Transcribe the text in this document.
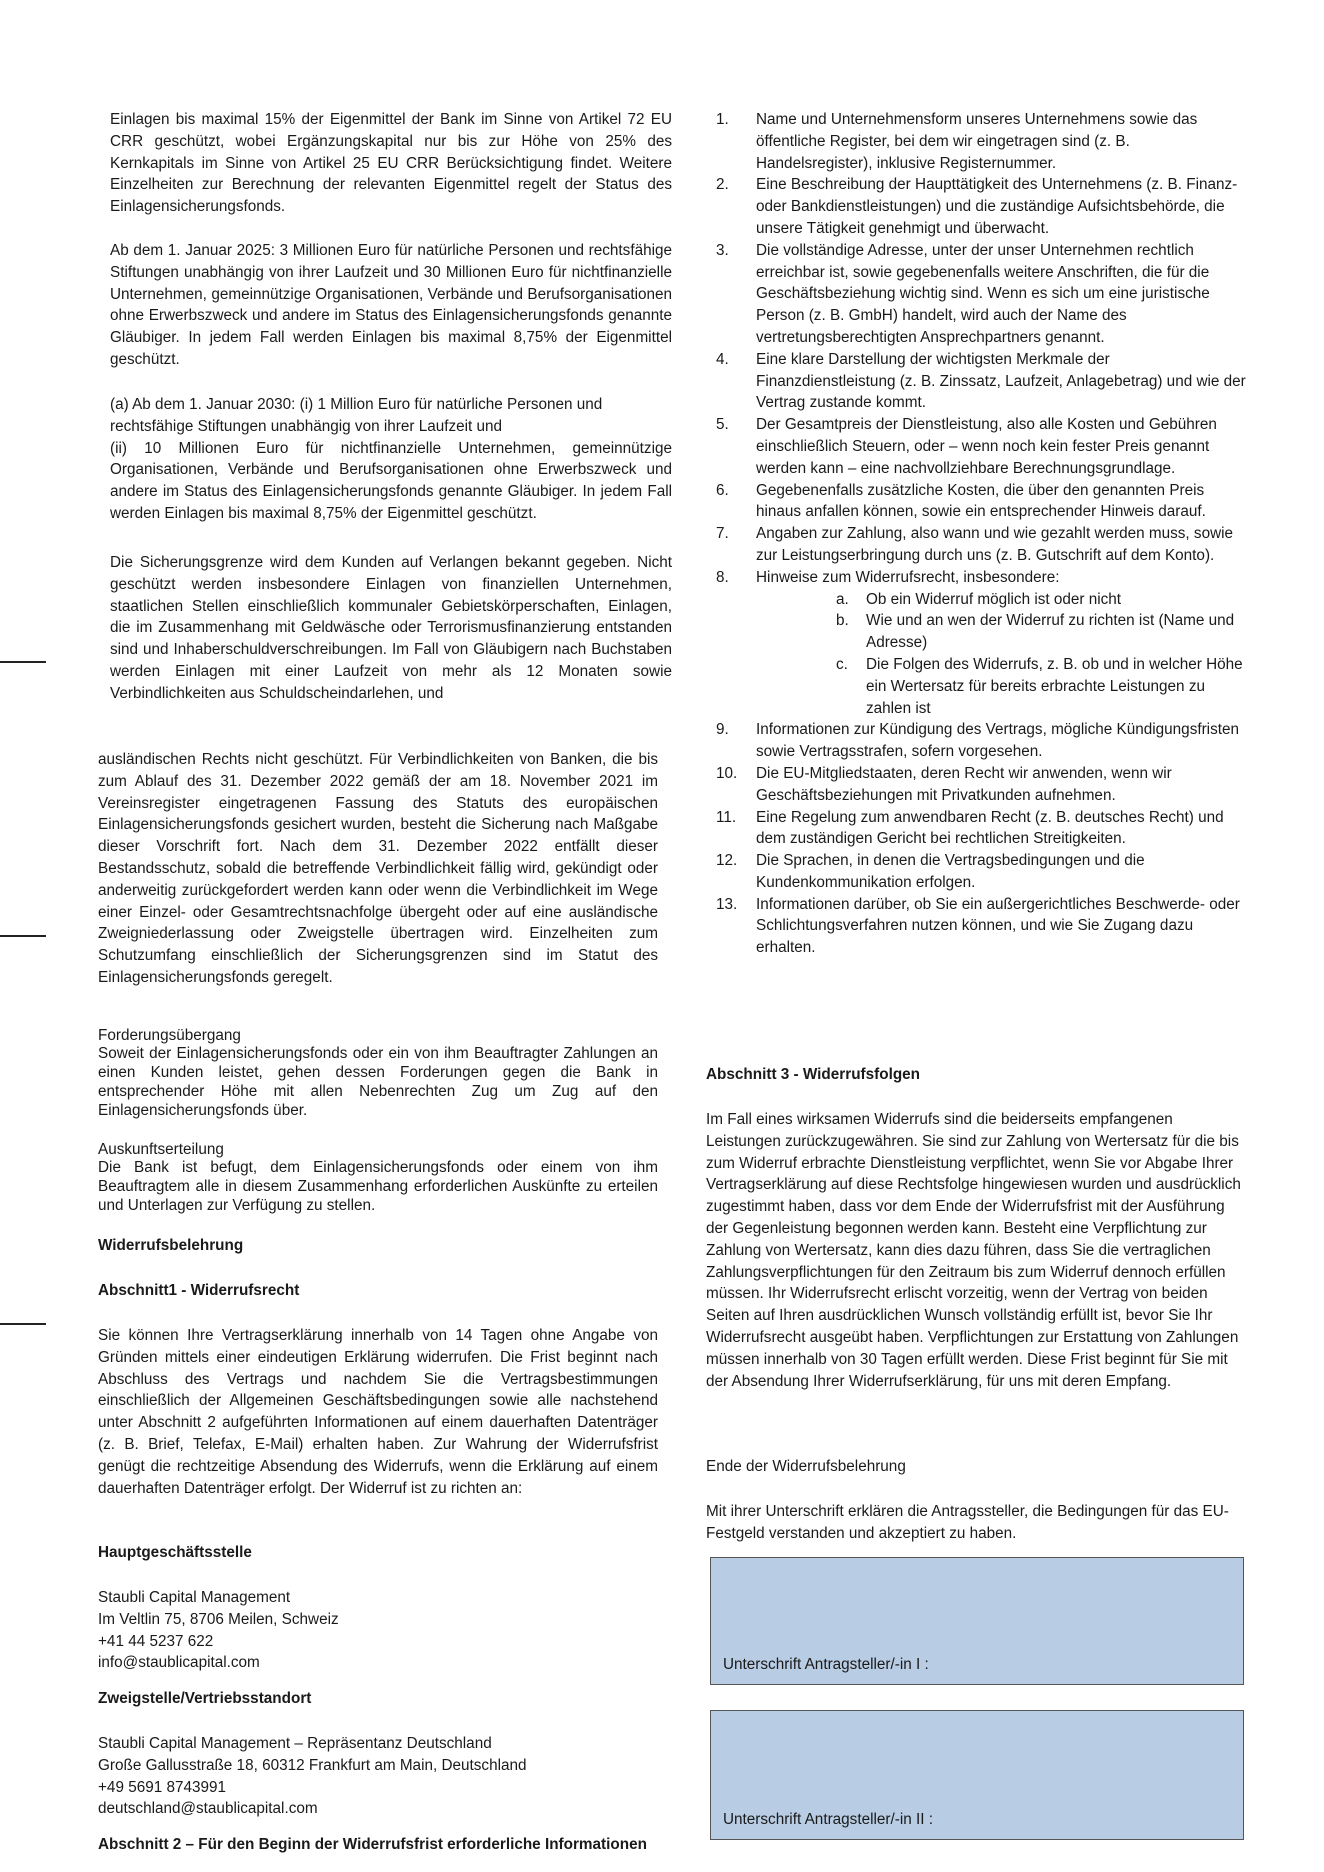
Einlagen bis maximal 15% der Eigenmittel der Bank im Sinne von Artikel 72 EU CRR geschützt, wobei Ergänzungskapital nur bis zur Höhe von 25% des Kernkapitals im Sinne von Artikel 25 EU CRR Berücksichtigung findet. Weitere Einzelheiten zur Berechnung der relevanten Eigenmittel regelt der Status des Einlagensicherungsfonds.

Ab dem 1. Januar 2025: 3 Millionen Euro für natürliche Personen und rechtsfähige Stiftungen unabhängig von ihrer Laufzeit und 30 Millionen Euro für nichtfinanzielle Unternehmen, gemeinnützige Organisationen, Verbände und Berufsorganisationen ohne Erwerbszweck und andere im Status des Einlagensicherungsfonds genannte Gläubiger. In jedem Fall werden Einlagen bis maximal 8,75% der Eigenmittel geschützt.

(a) Ab dem 1. Januar 2030: (i) 1 Million Euro für natürliche Personen und rechtsfähige Stiftungen unabhängig von ihrer Laufzeit und

(ii) 10 Millionen Euro für nichtfinanzielle Unternehmen, gemeinnützige Organisationen, Verbände und Berufsorganisationen ohne Erwerbszweck und andere im Status des Einlagensicherungsfonds genannte Gläubiger. In jedem Fall werden Einlagen bis maximal 8,75% der Eigenmittel geschützt.

Die Sicherungsgrenze wird dem Kunden auf Verlangen bekannt gegeben. Nicht geschützt werden insbesondere Einlagen von finanziellen Unternehmen, staatlichen Stellen einschließlich kommunaler Gebietskörperschaften, Einlagen, die im Zusammenhang mit Geldwäsche oder Terrorismusfinanzierung entstanden sind und Inhaberschuldverschreibungen. Im Fall von Gläubigern nach Buchstaben werden Einlagen mit einer Laufzeit von mehr als 12 Monaten sowie Verbindlichkeiten aus Schuldscheindarlehen, und

ausländischen Rechts nicht geschützt. Für Verbindlichkeiten von Banken, die bis zum Ablauf des 31. Dezember 2022 gemäß der am 18. November 2021 im Vereinsregister eingetragenen Fassung des Statuts des europäischen Einlagensicherungsfonds gesichert wurden, besteht die Sicherung nach Maßgabe dieser Vorschrift fort. Nach dem 31. Dezember 2022 entfällt dieser Bestandsschutz, sobald die betreffende Verbindlichkeit fällig wird, gekündigt oder anderweitig zurückgefordert werden kann oder wenn die Verbindlichkeit im Wege einer Einzel- oder Gesamtrechtsnachfolge übergeht oder auf eine ausländische Zweigniederlassung oder Zweigstelle übertragen wird. Einzelheiten zum Schutzumfang einschließlich der Sicherungsgrenzen sind im Statut des Einlagensicherungsfonds geregelt.

Forderungsübergang

Soweit der Einlagensicherungsfonds oder ein von ihm Beauftragter Zahlungen an einen Kunden leistet, gehen dessen Forderungen gegen die Bank in entsprechender Höhe mit allen Nebenrechten Zug um Zug auf den Einlagensicherungsfonds über.

Auskunftserteilung

Die Bank ist befugt, dem Einlagensicherungsfonds oder einem von ihm Beauftragtem alle in diesem Zusammenhang erforderlichen Auskünfte zu erteilen und Unterlagen zur Verfügung zu stellen.

Widerrufsbelehrung

Abschnitt1 - Widerrufsrecht

Sie können Ihre Vertragserklärung innerhalb von 14 Tagen ohne Angabe von Gründen mittels einer eindeutigen Erklärung widerrufen. Die Frist beginnt nach Abschluss des Vertrags und nachdem Sie die Vertragsbestimmungen einschließlich der Allgemeinen Geschäftsbedingungen sowie alle nachstehend unter Abschnitt 2 aufgeführten Informationen auf einem dauerhaften Datenträger (z. B. Brief, Telefax, E-Mail) erhalten haben. Zur Wahrung der Widerrufsfrist genügt die rechtzeitige Absendung des Widerrufs, wenn die Erklärung auf einem dauerhaften Datenträger erfolgt. Der Widerruf ist zu richten an:

Hauptgeschäftsstelle

Staubli Capital Management
Im Veltlin 75, 8706 Meilen, Schweiz
+41 44 5237 622
info@staublicapital.com

Zweigstelle/Vertriebsstandort

Staubli Capital Management – Repräsentanz Deutschland
Große Gallusstraße 18, 60312 Frankfurt am Main, Deutschland
+49 5691 8743991
deutschland@staublicapital.com

Abschnitt 2 – Für den Beginn der Widerrufsfrist erforderliche Informationen

1. Name und Unternehmensform unseres Unternehmens sowie das öffentliche Register, bei dem wir eingetragen sind (z. B. Handelsregister), inklusive Registernummer.
2. Eine Beschreibung der Haupttätigkeit des Unternehmens (z. B. Finanz- oder Bankdienstleistungen) und die zuständige Aufsichtsbehörde, die unsere Tätigkeit genehmigt und überwacht.
3. Die vollständige Adresse, unter der unser Unternehmen rechtlich erreichbar ist, sowie gegebenenfalls weitere Anschriften, die für die Geschäftsbeziehung wichtig sind. Wenn es sich um eine juristische Person (z. B. GmbH) handelt, wird auch der Name des vertretungsberechtigten Ansprechpartners genannt.
4. Eine klare Darstellung der wichtigsten Merkmale der Finanzdienstleistung (z. B. Zinssatz, Laufzeit, Anlagebetrag) und wie der Vertrag zustande kommt.
5. Der Gesamtpreis der Dienstleistung, also alle Kosten und Gebühren einschließlich Steuern, oder – wenn noch kein fester Preis genannt werden kann – eine nachvollziehbare Berechnungsgrundlage.
6. Gegebenenfalls zusätzliche Kosten, die über den genannten Preis hinaus anfallen können, sowie ein entsprechender Hinweis darauf.
7. Angaben zur Zahlung, also wann und wie gezahlt werden muss, sowie zur Leistungserbringung durch uns (z. B. Gutschrift auf dem Konto).
8. Hinweise zum Widerrufsrecht, insbesondere:
a. Ob ein Widerruf möglich ist oder nicht
b. Wie und an wen der Widerruf zu richten ist (Name und Adresse)
c. Die Folgen des Widerrufs, z. B. ob und in welcher Höhe ein Wertersatz für bereits erbrachte Leistungen zu zahlen ist
9. Informationen zur Kündigung des Vertrags, mögliche Kündigungsfristen sowie Vertragsstrafen, sofern vorgesehen.
10. Die EU-Mitgliedstaaten, deren Recht wir anwenden, wenn wir Geschäftsbeziehungen mit Privatkunden aufnehmen.
11. Eine Regelung zum anwendbaren Recht (z. B. deutsches Recht) und dem zuständigen Gericht bei rechtlichen Streitigkeiten.
12. Die Sprachen, in denen die Vertragsbedingungen und die Kundenkommunikation erfolgen.
13. Informationen darüber, ob Sie ein außergerichtliches Beschwerde- oder Schlichtungsverfahren nutzen können, und wie Sie Zugang dazu erhalten.

Abschnitt 3 - Widerrufsfolgen

Im Fall eines wirksamen Widerrufs sind die beiderseits empfangenen Leistungen zurückzugewähren. Sie sind zur Zahlung von Wertersatz für die bis zum Widerruf erbrachte Dienstleistung verpflichtet, wenn Sie vor Abgabe Ihrer Vertragserklärung auf diese Rechtsfolge hingewiesen wurden und ausdrücklich zugestimmt haben, dass vor dem Ende der Widerrufsfrist mit der Ausführung der Gegenleistung begonnen werden kann. Besteht eine Verpflichtung zur Zahlung von Wertersatz, kann dies dazu führen, dass Sie die vertraglichen Zahlungsverpflichtungen für den Zeitraum bis zum Widerruf dennoch erfüllen müssen. Ihr Widerrufsrecht erlischt vorzeitig, wenn der Vertrag von beiden Seiten auf Ihren ausdrücklichen Wunsch vollständig erfüllt ist, bevor Sie Ihr Widerrufsrecht ausgeübt haben. Verpflichtungen zur Erstattung von Zahlungen müssen innerhalb von 30 Tagen erfüllt werden. Diese Frist beginnt für Sie mit der Absendung Ihrer Widerrufserklärung, für uns mit deren Empfang.

Ende der Widerrufsbelehrung

Mit ihrer Unterschrift erklären die Antragssteller, die Bedingungen für das EU-Festgeld verstanden und akzeptiert zu haben.

Unterschrift Antragsteller/-in I :
Unterschrift Antragsteller/-in II :
